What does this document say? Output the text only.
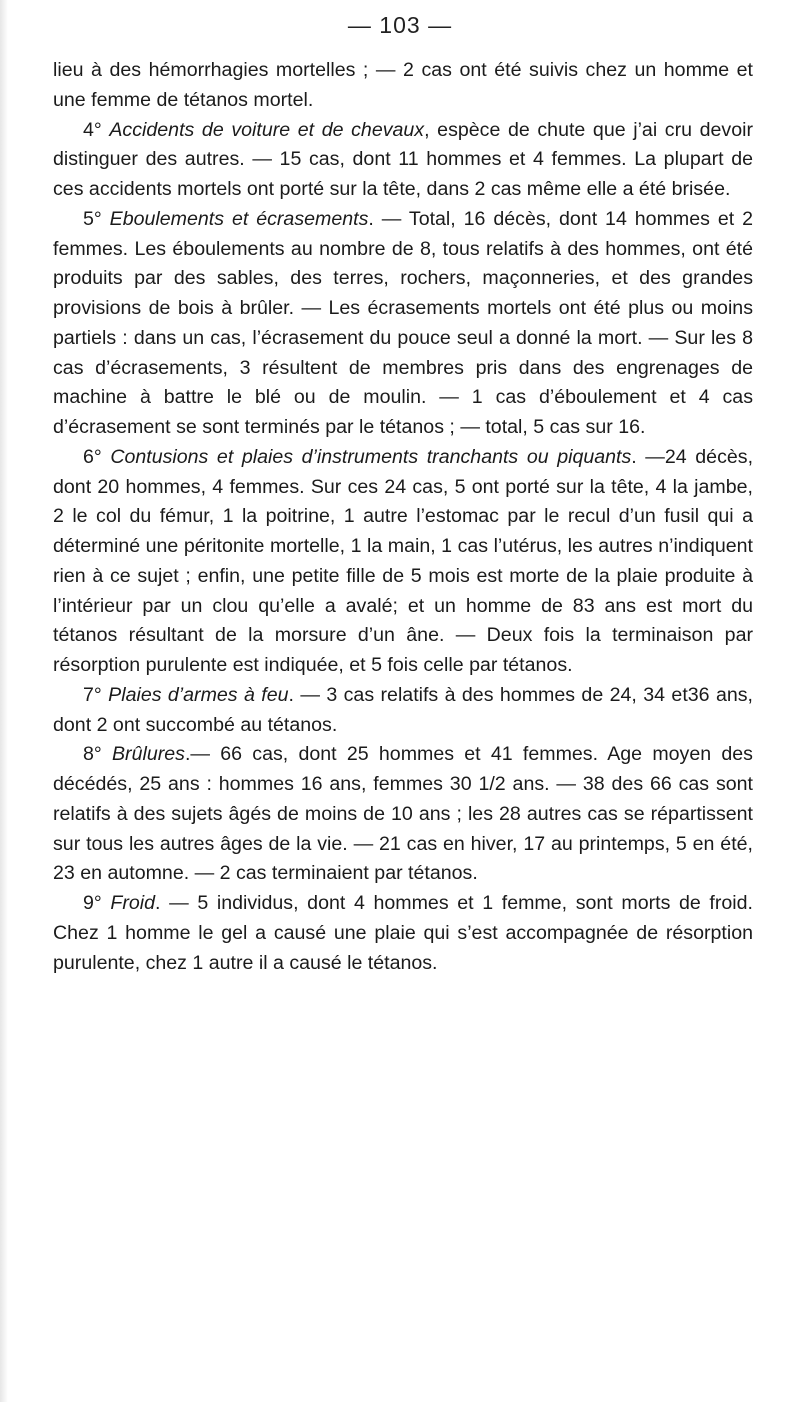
— 103 —

lieu à des hémorrhagies mortelles ; — 2 cas ont été suivis chez un homme et une femme de tétanos mortel.

4° Accidents de voiture et de chevaux, espèce de chute que j’ai cru devoir distinguer des autres. — 15 cas, dont 11 hommes et 4 femmes. La plupart de ces accidents mortels ont porté sur la tête, dans 2 cas même elle a été brisée.

5° Eboulements et écrasements. — Total, 16 décès, dont 14 hommes et 2 femmes. Les éboulements au nombre de 8, tous relatifs à des hommes, ont été produits par des sables, des terres, rochers, maçonneries, et des grandes provisions de bois à brûler. — Les écrasements mortels ont été plus ou moins partiels : dans un cas, l’écrasement du pouce seul a donné la mort. — Sur les 8 cas d’écrasements, 3 résultent de membres pris dans des engrenages de machine à battre le blé ou de moulin. — 1 cas d’éboulement et 4 cas d’écrasement se sont terminés par le tétanos ; — total, 5 cas sur 16.

6° Contusions et plaies d’instruments tranchants ou piquants. —24 décès, dont 20 hommes, 4 femmes. Sur ces 24 cas, 5 ont porté sur la tête, 4 la jambe, 2 le col du fémur, 1 la poitrine, 1 autre l’estomac par le recul d’un fusil qui a déterminé une péritonite mortelle, 1 la main, 1 cas l’utérus, les autres n’indiquent rien à ce sujet ; enfin, une petite fille de 5 mois est morte de la plaie produite à l’intérieur par un clou qu’elle a avalé; et un homme de 83 ans est mort du tétanos résultant de la morsure d’un âne. — Deux fois la terminaison par résorption purulente est indiquée, et 5 fois celle par tétanos.

7° Plaies d’armes à feu. — 3 cas relatifs à des hommes de 24, 34 et36 ans, dont 2 ont succombé au tétanos.

8° Brûlures.— 66 cas, dont 25 hommes et 41 femmes. Age moyen des décédés, 25 ans : hommes 16 ans, femmes 30 1/2 ans. — 38 des 66 cas sont relatifs à des sujets âgés de moins de 10 ans ; les 28 autres cas se répartissent sur tous les autres âges de la vie. — 21 cas en hiver, 17 au printemps, 5 en été, 23 en automne. — 2 cas terminaient par tétanos.

9° Froid. — 5 individus, dont 4 hommes et 1 femme, sont morts de froid. Chez 1 homme le gel a causé une plaie qui s’est accompagnée de résorption purulente, chez 1 autre il a causé le tétanos.
